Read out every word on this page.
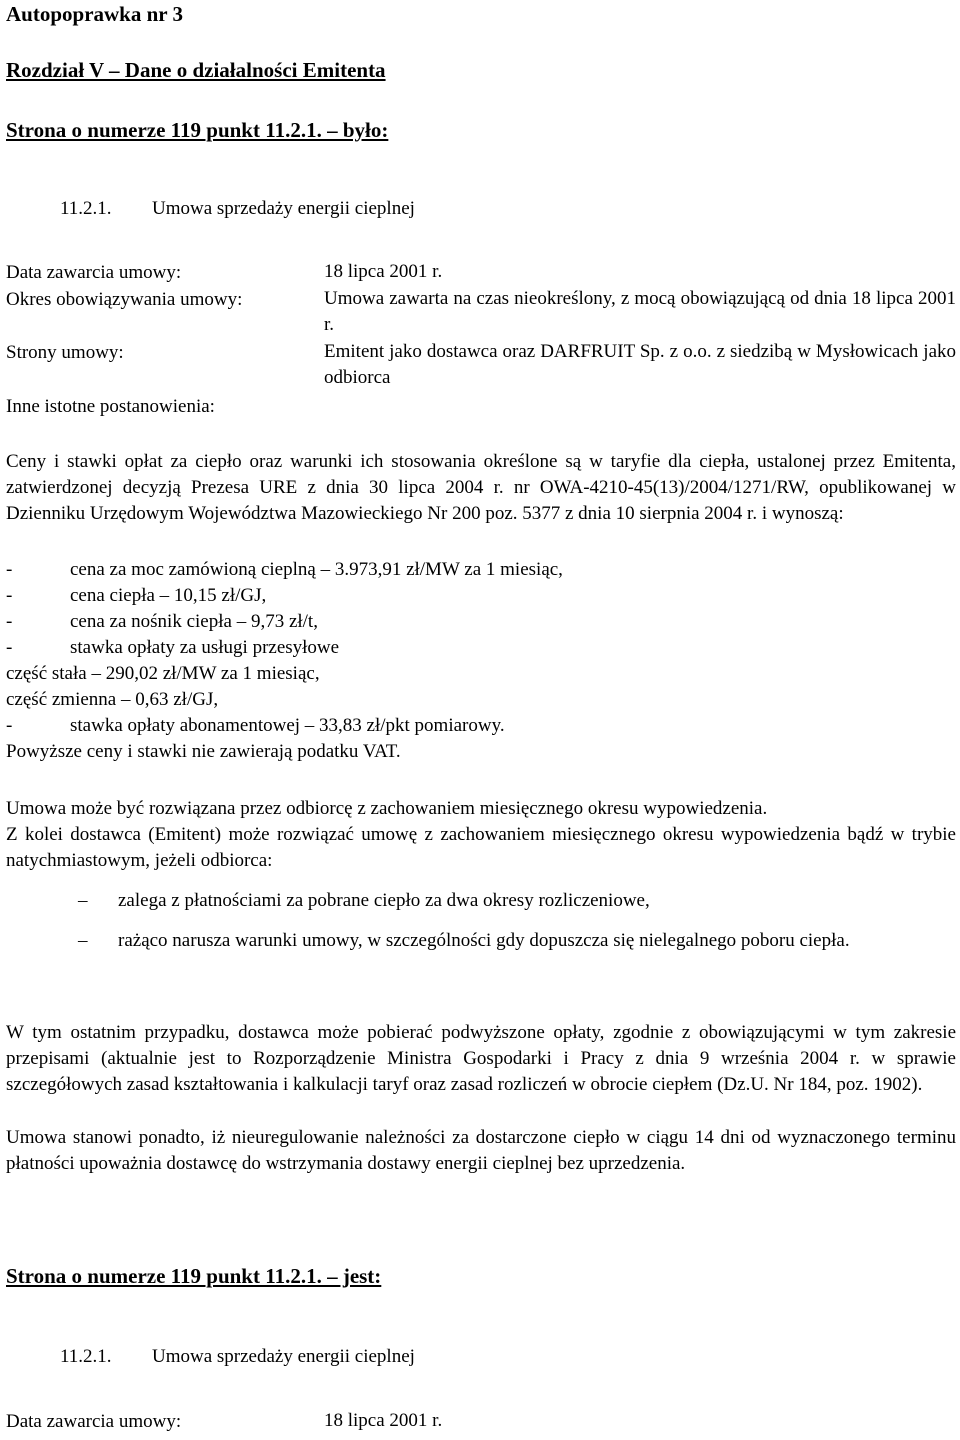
Autopoprawka nr 3
Rozdział V – Dane o działalności Emitenta
Strona o numerze 119 punkt 11.2.1. – było:
11.2.1. Umowa sprzedaży energii cieplnej
Data zawarcia umowy:	18 lipca 2001 r.
Okres obowiązywania umowy:	Umowa zawarta na czas nieokreślony, z mocą obowiązującą od dnia 18 lipca 2001 r.
Strony umowy:	Emitent jako dostawca oraz DARFRUIT Sp. z o.o. z siedzibą w Mysłowicach jako odbiorca
Inne istotne postanowienia:
Ceny i stawki opłat za ciepło oraz warunki ich stosowania określone są w taryfie dla ciepła, ustalonej przez Emitenta, zatwierdzonej decyzją Prezesa URE z dnia 30 lipca 2004 r. nr OWA-4210-45(13)/2004/1271/RW, opublikowanej w Dzienniku Urzędowym Województwa Mazowieckiego Nr 200 poz. 5377 z dnia 10 sierpnia 2004 r. i wynoszą:
-	cena za moc zamówioną cieplną – 3.973,91 zł/MW za 1 miesiąc,
-	cena ciepła – 10,15 zł/GJ,
-	cena za nośnik ciepła – 9,73 zł/t,
-	stawka opłaty za usługi przesyłowe
część stała – 290,02 zł/MW za 1 miesiąc,
część zmienna – 0,63 zł/GJ,
-	stawka opłaty abonamentowej – 33,83 zł/pkt pomiarowy.
Powyższe ceny i stawki nie zawierają podatku VAT.
Umowa może być rozwiązana przez odbiorcę z zachowaniem miesięcznego okresu wypowiedzenia.
Z kolei dostawca (Emitent) może rozwiązać umowę z zachowaniem miesięcznego okresu wypowiedzenia bądź w trybie natychmiastowym, jeżeli odbiorca:
– zalega z płatnościami za pobrane ciepło za dwa okresy rozliczeniowe,
– rażąco narusza warunki umowy, w szczególności gdy dopuszcza się nielegalnego poboru ciepła.
W tym ostatnim przypadku, dostawca może pobierać podwyższone opłaty, zgodnie z obowiązującymi w tym zakresie przepisami (aktualnie jest to Rozporządzenie Ministra Gospodarki i Pracy z dnia 9 września 2004 r. w sprawie szczegółowych zasad kształtowania i kalkulacji taryf oraz zasad rozliczeń w obrocie ciepłem (Dz.U. Nr 184, poz. 1902).
Umowa stanowi ponadto, iż nieuregulowanie należności za dostarczone ciepło w ciągu 14 dni od wyznaczonego terminu płatności upoważnia dostawcę do wstrzymania dostawy energii cieplnej bez uprzedzenia.
Strona o numerze 119 punkt 11.2.1. – jest:
11.2.1. Umowa sprzedaży energii cieplnej
Data zawarcia umowy:	18 lipca 2001 r.
